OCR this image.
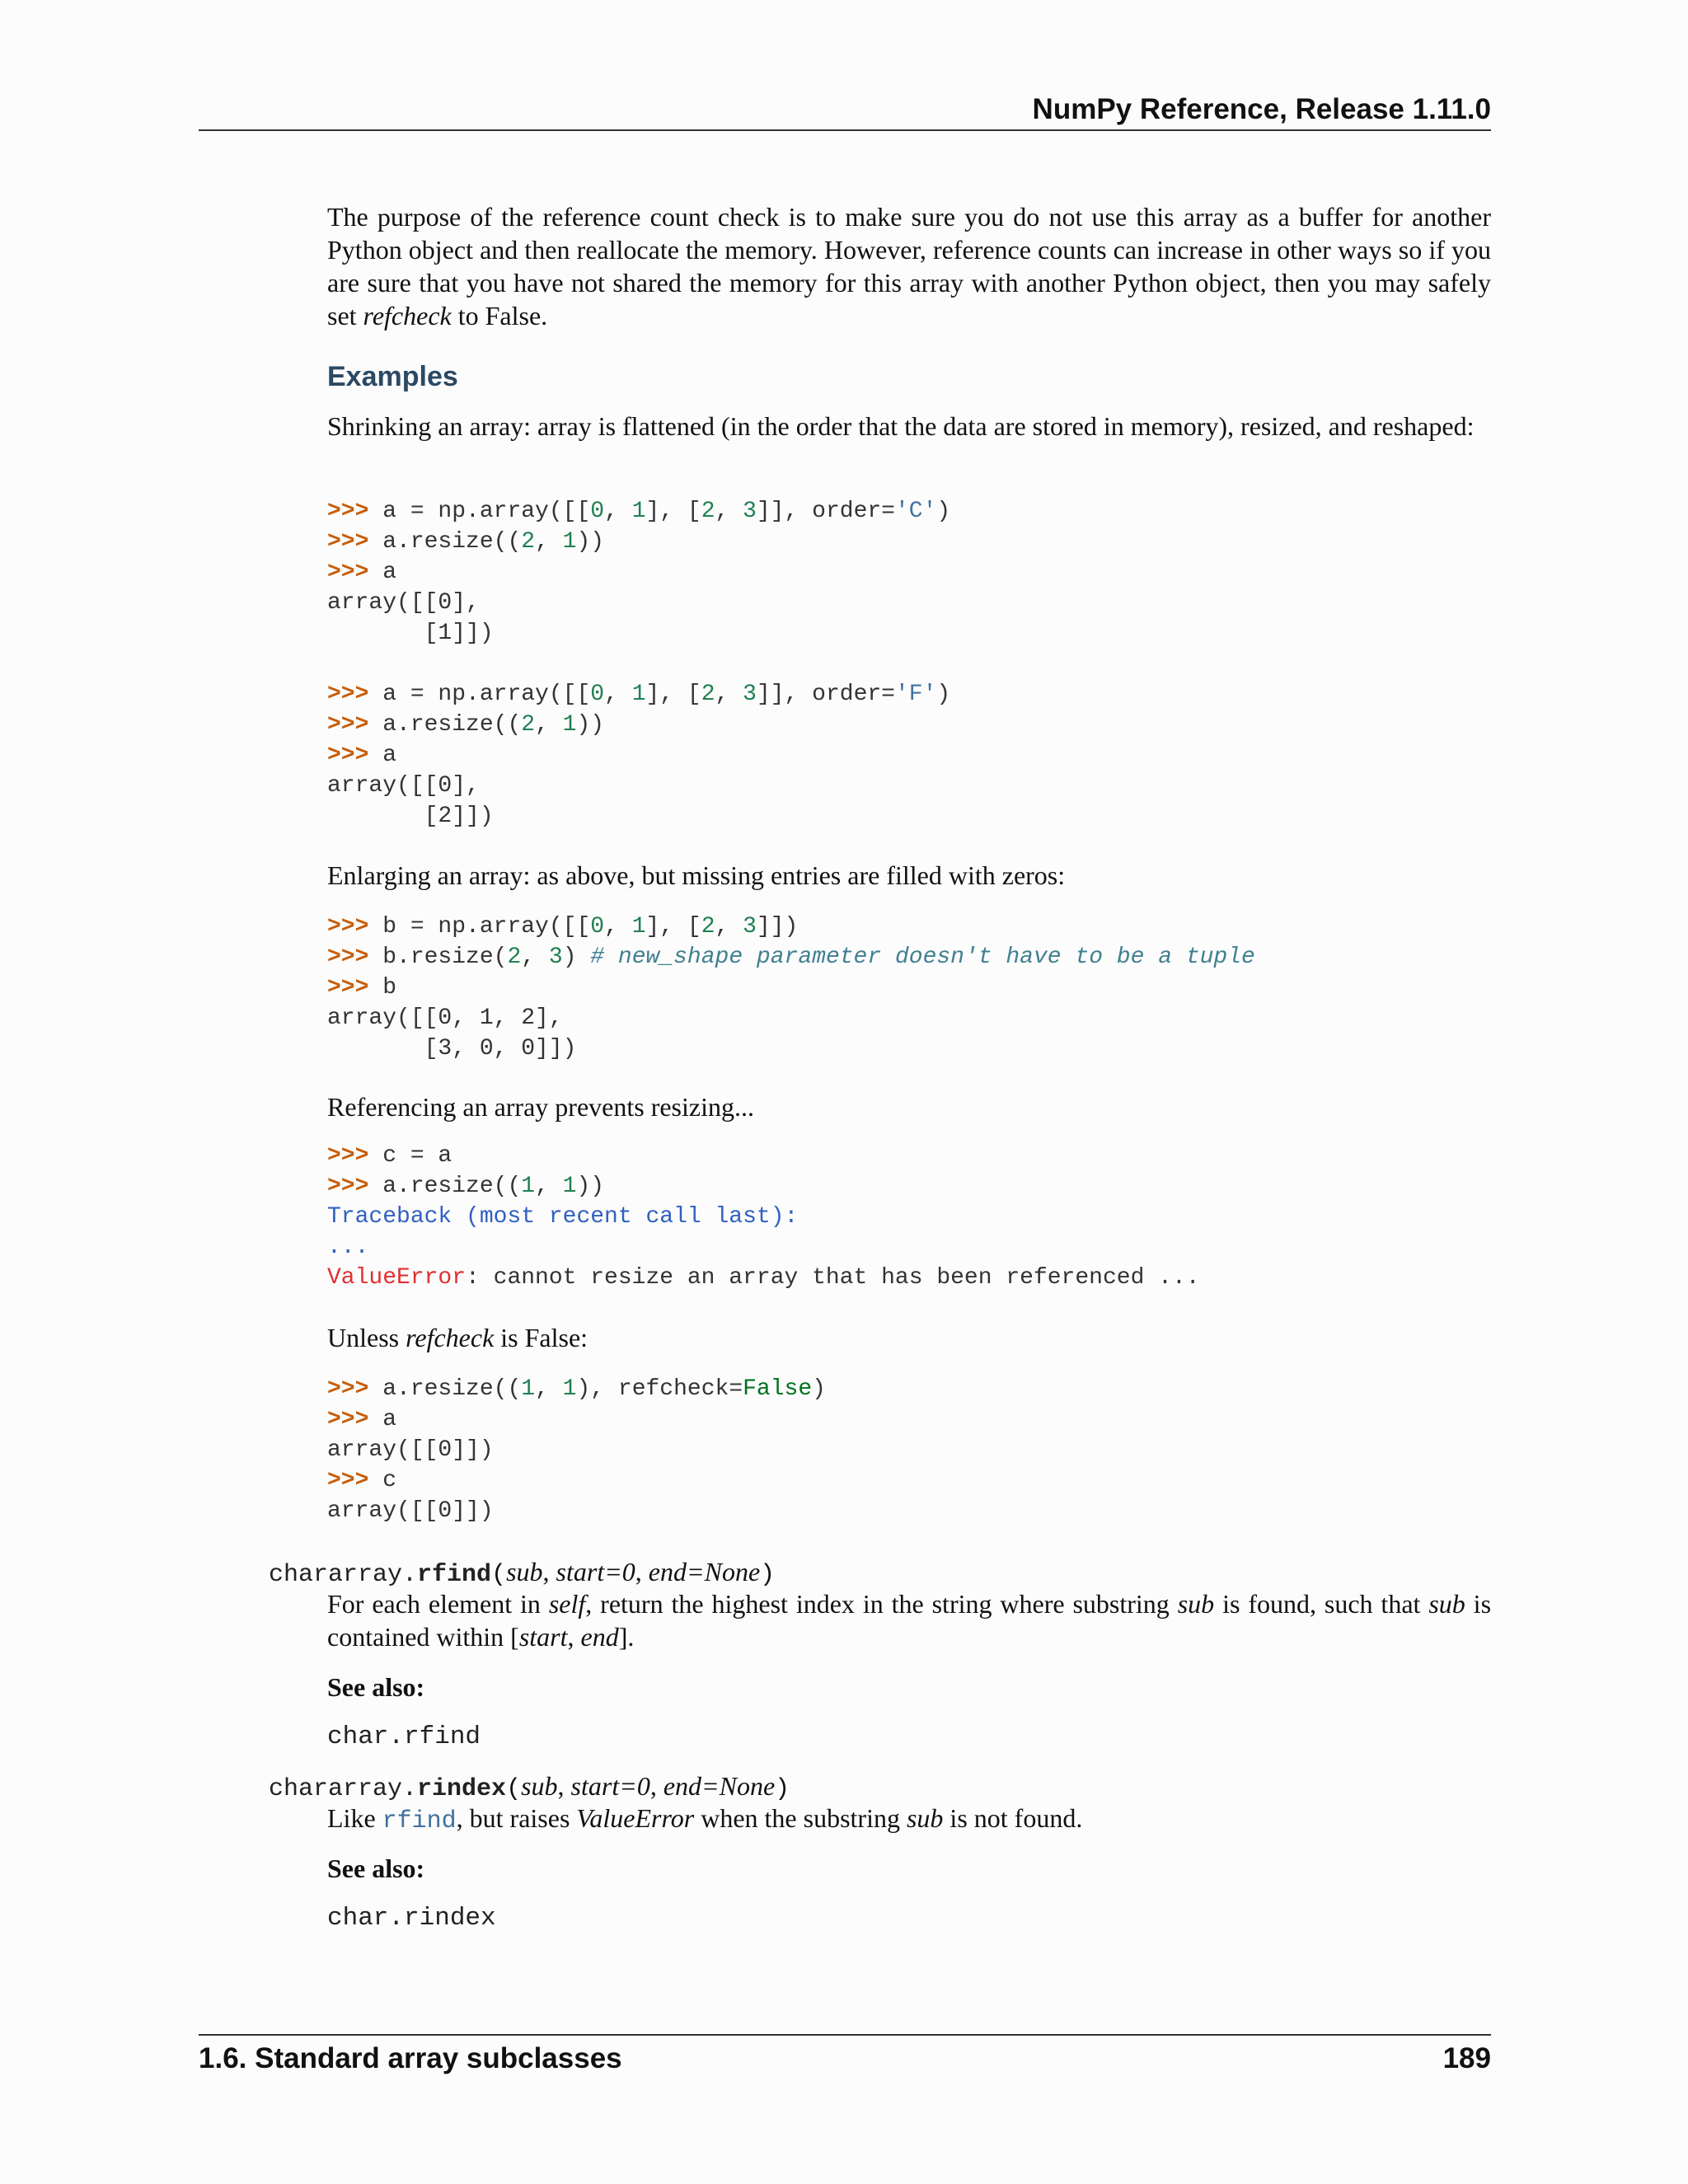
NumPy Reference, Release 1.11.0

The purpose of the reference count check is to make sure you do not use this array as a buffer for another Python object and then reallocate the memory. However, reference counts can increase in other ways so if you are sure that you have not shared the memory for this array with another Python object, then you may safely set refcheck to False.

Examples

Shrinking an array: array is flattened (in the order that the data are stored in memory), resized, and reshaped:

>>> a = np.array([[0, 1], [2, 3]], order='C')
>>> a.resize((2, 1))
>>> a
array([[0],
[1]])
>>> a = np.array([[0, 1], [2, 3]], order='F')
>>> a.resize((2, 1))
>>> a
array([[0],
[2]])

Enlarging an array: as above, but missing entries are filled with zeros:

>>> b = np.array([[0, 1], [2, 3]])
>>> b.resize(2, 3) # new_shape parameter doesn't have to be a tuple
>>> b
array([[0, 1, 2],
[3, 0, 0]])

Referencing an array prevents resizing...

>>> c = a
>>> a.resize((1, 1))
Traceback (most recent call last):
...
ValueError: cannot resize an array that has been referenced ...

Unless refcheck is False:

>>> a.resize((1, 1), refcheck=False)
>>> a
array([[0]])
>>> c
array([[0]])

chararray.rfind(sub, start=0, end=None)

For each element in self, return the highest index in the string where substring sub is found, such that sub is contained within [start, end].

See also:

char.rfind

chararray.rindex(sub, start=0, end=None)

Like rfind, but raises ValueError when the substring sub is not found.

See also:

char.rindex

1.6. Standard array subclasses	189
